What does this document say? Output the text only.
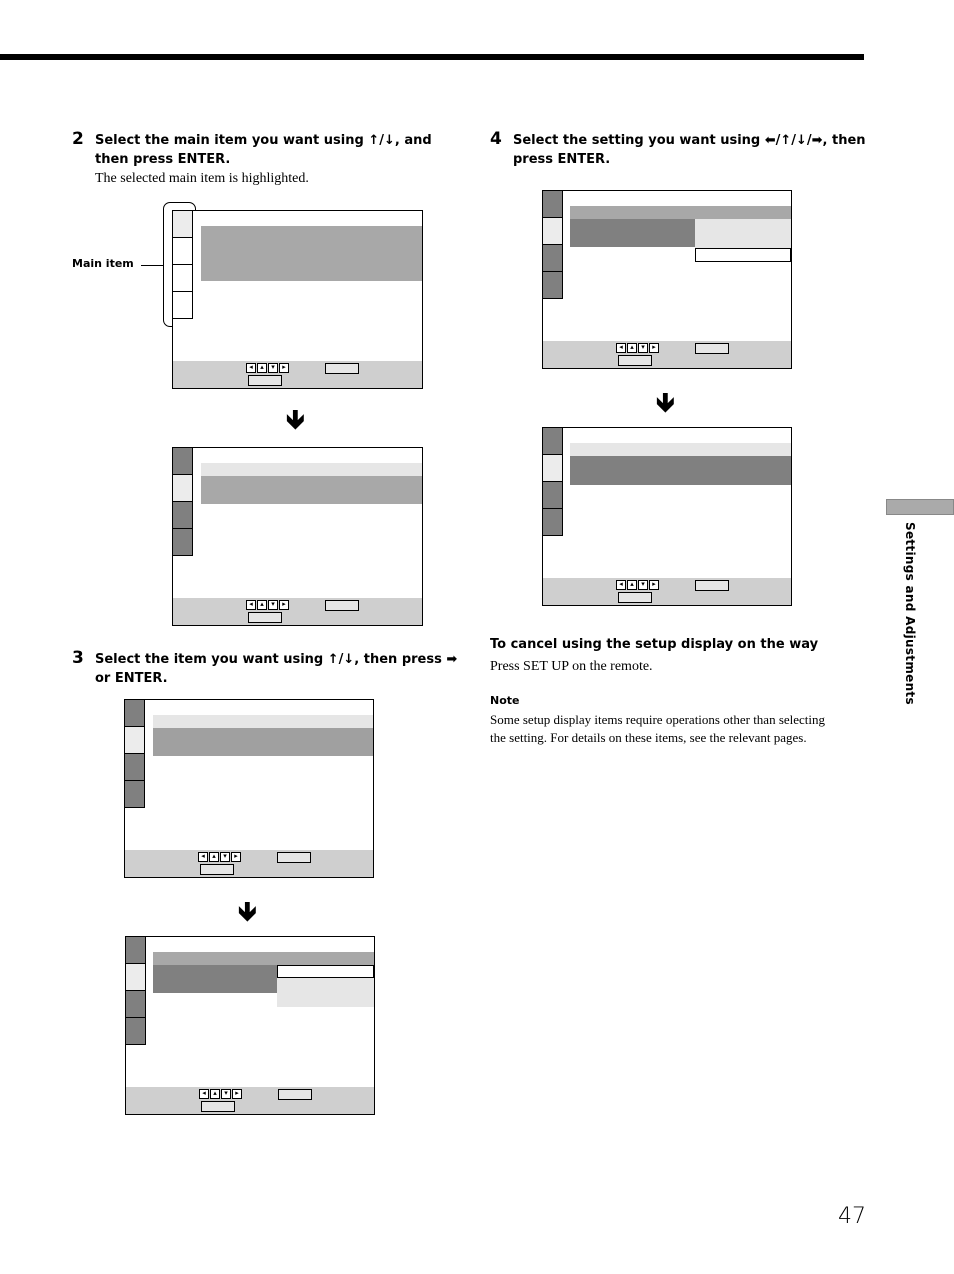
2 Select the main item you want using ↑/↓, and
then press ENTER.
The selected main item is highlighted.
Main item
◂	▴	▾	▸
🡻
◂	▴	▾	▸
3 Select the item you want using ↑/↓, then press ➡
or ENTER.
◂	▴	▾	▸
🡻
◂	▴	▾	▸
4 Select the setting you want using ⬅/↑/↓/➡, then
press ENTER.
◂	▴	▾	▸
🡻
◂	▴	▾	▸
To cancel using the setup display on the way
Press SET UP on the remote.
Note
Some setup display items require operations other than selecting
the setting. For details on these items, see the relevant pages.
Settings and Adjustments
47
